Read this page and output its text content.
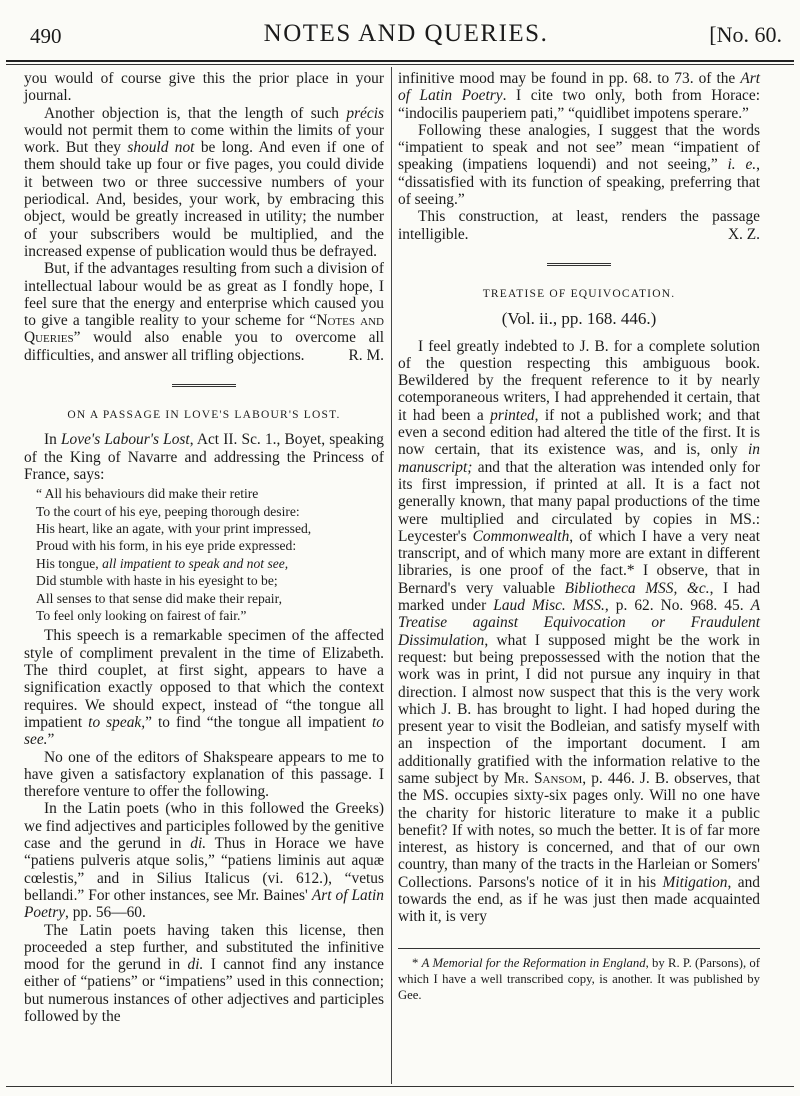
490	NOTES AND QUERIES.	[No. 60.

you would of course give this the prior place in your journal.

Another objection is, that the length of such précis would not permit them to come within the limits of your work. But they should not be long. And even if one of them should take up four or five pages, you could divide it between two or three successive numbers of your periodical. And, besides, your work, by embracing this object, would be greatly increased in utility; the number of your subscribers would be multiplied, and the increased expense of publication would thus be defrayed.

But, if the advantages resulting from such a division of intellectual labour would be as great as I fondly hope, I feel sure that the energy and enterprise which caused you to give a tangible reality to your scheme for “Notes and Queries” would also enable you to overcome all difficulties, and answer all trifling objections.	R. M.

ON A PASSAGE IN LOVE'S LABOUR'S LOST.

In Love's Labour's Lost, Act II. Sc. 1., Boyet, speaking of the King of Navarre and addressing the Princess of France, says:

“ All his behaviours did make their retire
To the court of his eye, peeping thorough desire:
His heart, like an agate, with your print impressed,
Proud with his form, in his eye pride expressed:
His tongue, all impatient to speak and not see,
Did stumble with haste in his eyesight to be;
All senses to that sense did make their repair,
To feel only looking on fairest of fair.”

This speech is a remarkable specimen of the affected style of compliment prevalent in the time of Elizabeth. The third couplet, at first sight, appears to have a signification exactly opposed to that which the context requires. We should expect, instead of “the tongue all impatient to speak,” to find “the tongue all impatient to see.”

No one of the editors of Shakspeare appears to me to have given a satisfactory explanation of this passage. I therefore venture to offer the following.

In the Latin poets (who in this followed the Greeks) we find adjectives and participles followed by the genitive case and the gerund in di. Thus in Horace we have “patiens pulveris atque solis,” “patiens liminis aut aquæ cœlestis,” and in Silius Italicus (vi. 612.), “vetus bellandi.” For other instances, see Mr. Baines' Art of Latin Poetry, pp. 56—60.

The Latin poets having taken this license, then proceeded a step further, and substituted the infinitive mood for the gerund in di. I cannot find any instance either of “patiens” or “impatiens” used in this connection; but numerous instances of other adjectives and participles followed by the

infinitive mood may be found in pp. 68. to 73. of the Art of Latin Poetry. I cite two only, both from Horace: “indocilis pauperiem pati,” “quidlibet impotens sperare.”

Following these analogies, I suggest that the words “impatient to speak and not see” mean “impatient of speaking (impatiens loquendi) and not seeing,” i. e., “dissatisfied with its function of speaking, preferring that of seeing.”

This construction, at least, renders the passage intelligible.	X. Z.

TREATISE OF EQUIVOCATION.
(Vol. ii., pp. 168. 446.)

I feel greatly indebted to J. B. for a complete solution of the question respecting this ambiguous book. Bewildered by the frequent reference to it by nearly cotemporaneous writers, I had apprehended it certain, that it had been a printed, if not a published work; and that even a second edition had altered the title of the first. It is now certain, that its existence was, and is, only in manuscript; and that the alteration was intended only for its first impression, if printed at all. It is a fact not generally known, that many papal productions of the time were multiplied and circulated by copies in MS.: Leycester's Commonwealth, of which I have a very neat transcript, and of which many more are extant in different libraries, is one proof of the fact.* I observe, that in Bernard's very valuable Bibliotheca MSS, &c., I had marked under Laud Misc. MSS., p. 62. No. 968. 45. A Treatise against Equivocation or Fraudulent Dissimulation, what I supposed might be the work in request: but being prepossessed with the notion that the work was in print, I did not pursue any inquiry in that direction. I almost now suspect that this is the very work which J. B. has brought to light. I had hoped during the present year to visit the Bodleian, and satisfy myself with an inspection of the important document. I am additionally gratified with the information relative to the same subject by Mr. Sansom, p. 446. J. B. observes, that the MS. occupies sixty-six pages only. Will no one have the charity for historic literature to make it a public benefit? If with notes, so much the better. It is of far more interest, as history is concerned, and that of our own country, than many of the tracts in the Harleian or Somers' Collections. Parsons's notice of it in his Mitigation, and towards the end, as if he was just then made acquainted with it, is very

* A Memorial for the Reformation in England, by R. P. (Parsons), of which I have a well transcribed copy, is another. It was published by Gee.
